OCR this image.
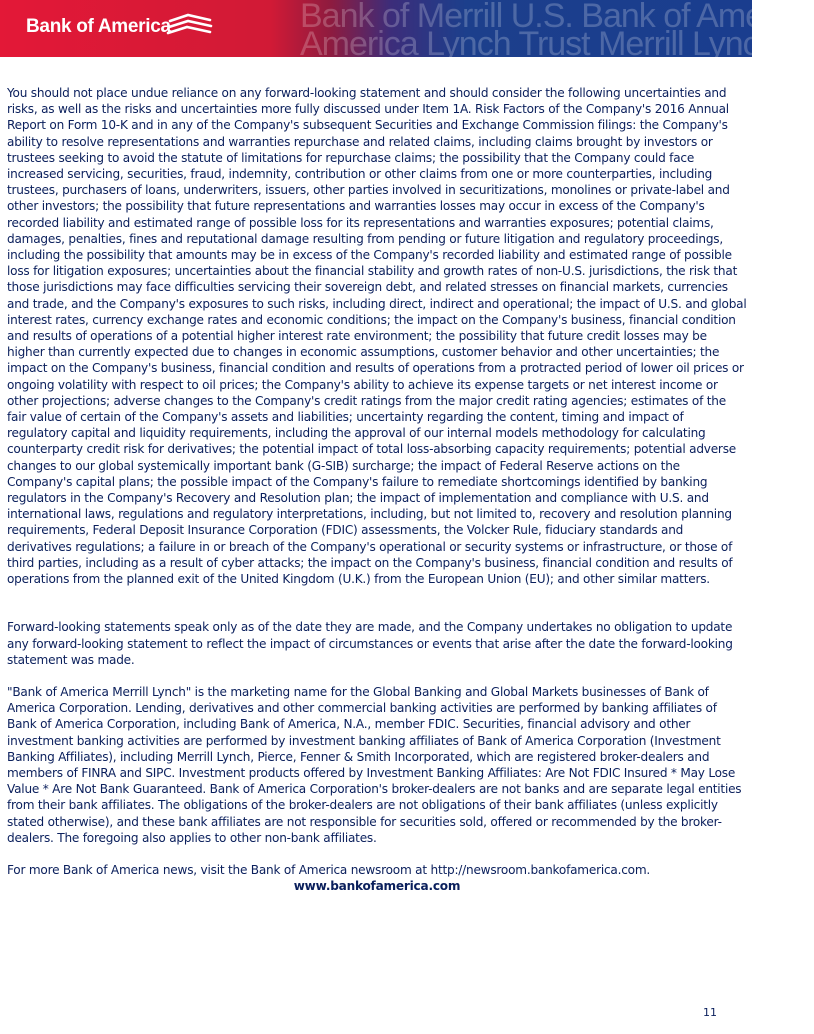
Bank of Merrill U.S. Bank of America
America Lynch Trust Merrill Lynch
Bank of America

You should not place undue reliance on any forward-looking statement and should consider the following uncertainties and risks, as well as the risks and uncertainties more fully discussed under Item 1A. Risk Factors of the Company's 2016 Annual Report on Form 10-K and in any of the Company's subsequent Securities and Exchange Commission filings: the Company's ability to resolve representations and warranties repurchase and related claims, including claims brought by investors or trustees seeking to avoid the statute of limitations for repurchase claims; the possibility that the Company could face increased servicing, securities, fraud, indemnity, contribution or other claims from one or more counterparties, including trustees, purchasers of loans, underwriters, issuers, other parties involved in securitizations, monolines or private-label and other investors; the possibility that future representations and warranties losses may occur in excess of the Company's recorded liability and estimated range of possible loss for its representations and warranties exposures; potential claims, damages, penalties, fines and reputational damage resulting from pending or future litigation and regulatory proceedings, including the possibility that amounts may be in excess of the Company's recorded liability and estimated range of possible loss for litigation exposures; uncertainties about the financial stability and growth rates of non-U.S. jurisdictions, the risk that those jurisdictions may face difficulties servicing their sovereign debt, and related stresses on financial markets, currencies and trade, and the Company's exposures to such risks, including direct, indirect and operational; the impact of U.S. and global interest rates, currency exchange rates and economic conditions; the impact on the Company's business, financial condition and results of operations of a potential higher interest rate environment; the possibility that future credit losses may be higher than currently expected due to changes in economic assumptions, customer behavior and other uncertainties; the impact on the Company's business, financial condition and results of operations from a protracted period of lower oil prices or ongoing volatility with respect to oil prices; the Company's ability to achieve its expense targets or net interest income or other projections; adverse changes to the Company's credit ratings from the major credit rating agencies; estimates of the fair value of certain of the Company's assets and liabilities; uncertainty regarding the content, timing and impact of regulatory capital and liquidity requirements, including the approval of our internal models methodology for calculating counterparty credit risk for derivatives; the potential impact of total loss-absorbing capacity requirements; potential adverse changes to our global systemically important bank (G-SIB) surcharge; the impact of Federal Reserve actions on the Company's capital plans; the possible impact of the Company's failure to remediate shortcomings identified by banking regulators in the Company's Recovery and Resolution plan; the impact of implementation and compliance with U.S. and international laws, regulations and regulatory interpretations, including, but not limited to, recovery and resolution planning requirements, Federal Deposit Insurance Corporation (FDIC) assessments, the Volcker Rule, fiduciary standards and derivatives regulations; a failure in or breach of the Company's operational or security systems or infrastructure, or those of third parties, including as a result of cyber attacks; the impact on the Company's business, financial condition and results of operations from the planned exit of the United Kingdom (U.K.) from the European Union (EU); and other similar matters.

Forward-looking statements speak only as of the date they are made, and the Company undertakes no obligation to update any forward-looking statement to reflect the impact of circumstances or events that arise after the date the forward-looking statement was made.

"Bank of America Merrill Lynch" is the marketing name for the Global Banking and Global Markets businesses of Bank of America Corporation. Lending, derivatives and other commercial banking activities are performed by banking affiliates of Bank of America Corporation, including Bank of America, N.A., member FDIC. Securities, financial advisory and other investment banking activities are performed by investment banking affiliates of Bank of America Corporation (Investment Banking Affiliates), including Merrill Lynch, Pierce, Fenner & Smith Incorporated, which are registered broker-dealers and members of FINRA and SIPC. Investment products offered by Investment Banking Affiliates: Are Not FDIC Insured * May Lose Value * Are Not Bank Guaranteed. Bank of America Corporation's broker-dealers are not banks and are separate legal entities from their bank affiliates. The obligations of the broker-dealers are not obligations of their bank affiliates (unless explicitly stated otherwise), and these bank affiliates are not responsible for securities sold, offered or recommended by the broker-dealers. The foregoing also applies to other non-bank affiliates.

For more Bank of America news, visit the Bank of America newsroom at http://newsroom.bankofamerica.com.

www.bankofamerica.com
11
